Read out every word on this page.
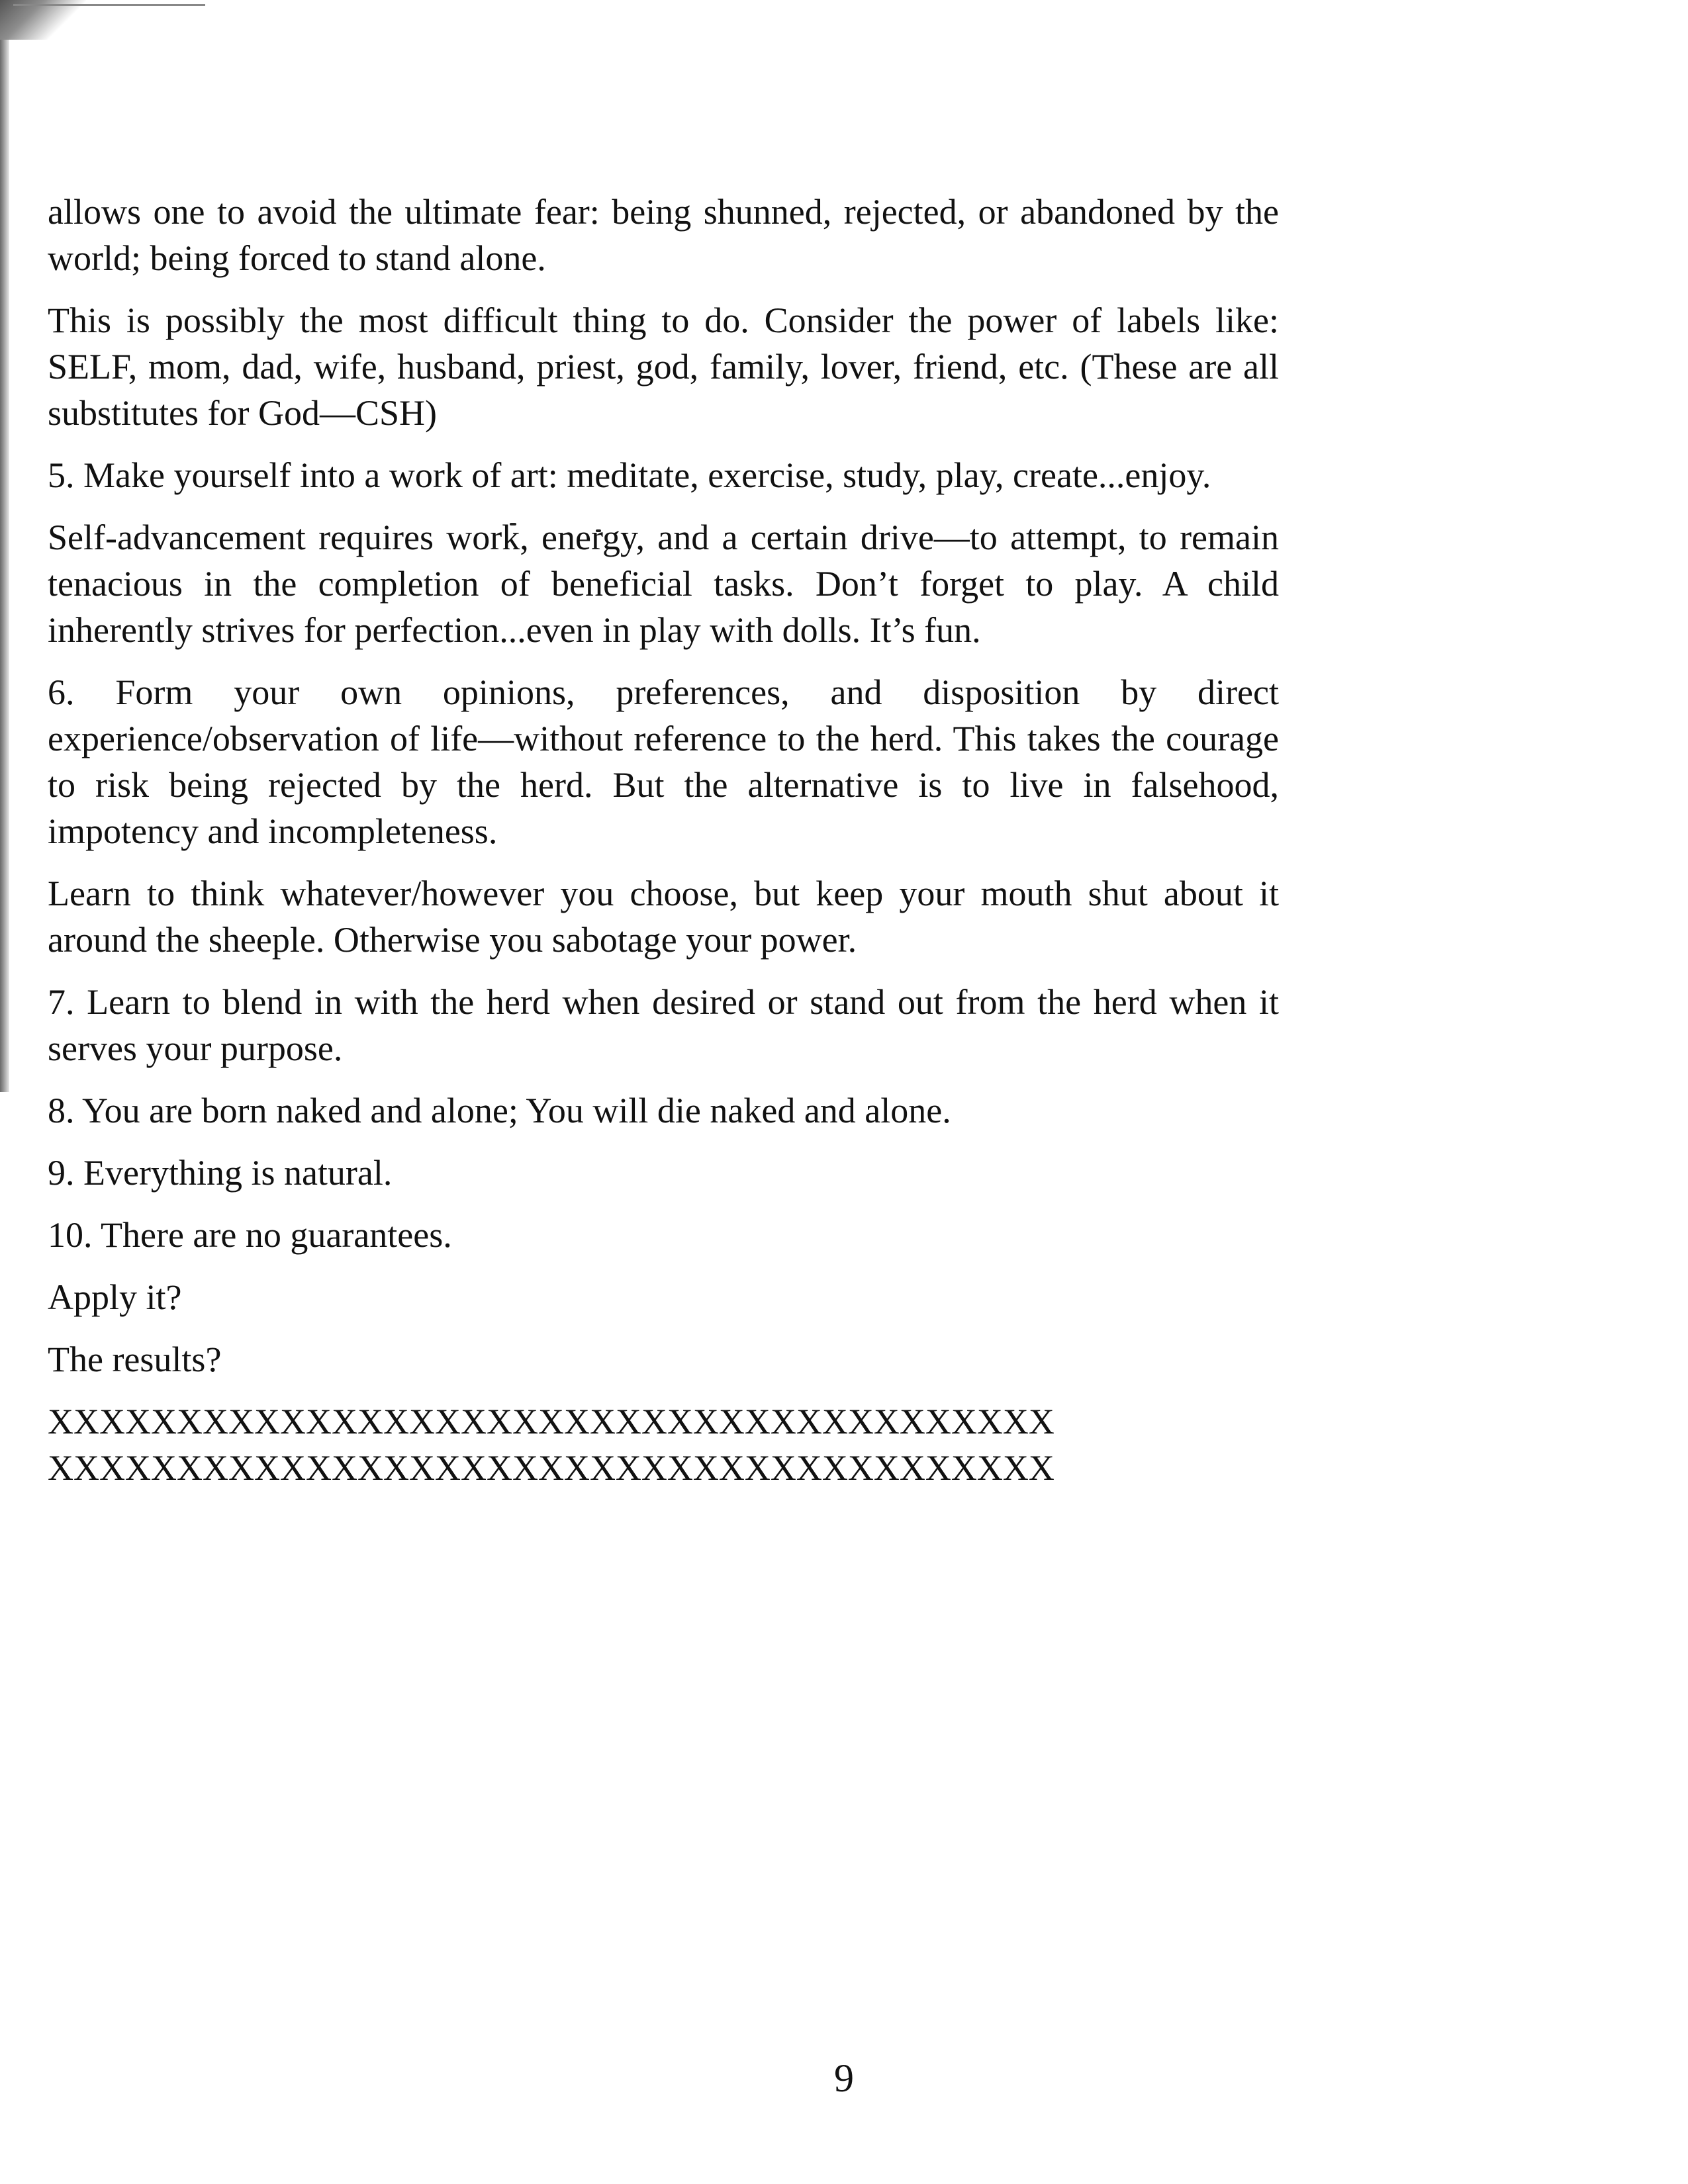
allows one to avoid the ultimate fear: being shunned, rejected, or abandoned by the world; being forced to stand alone.

This is possibly the most difficult thing to do. Consider the power of labels like: SELF, mom, dad, wife, husband, priest, god, family, lover, friend, etc. (These are all substitutes for God—CSH)

5. Make yourself into a work of art: meditate, exercise, study, play, create...enjoy.

Self-advancement requires work, energy, and a certain drive—to attempt, to remain tenacious in the completion of beneficial tasks. Don’t forget to play. A child inherently strives for perfection...even in play with dolls. It’s fun.

6. Form your own opinions, preferences, and disposition by direct experience/observation of life—without reference to the herd. This takes the courage to risk being rejected by the herd. But the alternative is to live in falsehood, impotency and incompleteness.

Learn to think whatever/however you choose, but keep your mouth shut about it around the sheeple. Otherwise you sabotage your power.

7. Learn to blend in with the herd when desired or stand out from the herd when it serves your purpose.

8. You are born naked and alone; You will die naked and alone.

9. Everything is natural.

10. There are no guarantees.

Apply it?

The results?

XXXXXXXXXXXXXXXXXXXXXXXXXXXXXXXXXXXXXXX

XXXXXXXXXXXXXXXXXXXXXXXXXXXXXXXXXXXXXXX

9
